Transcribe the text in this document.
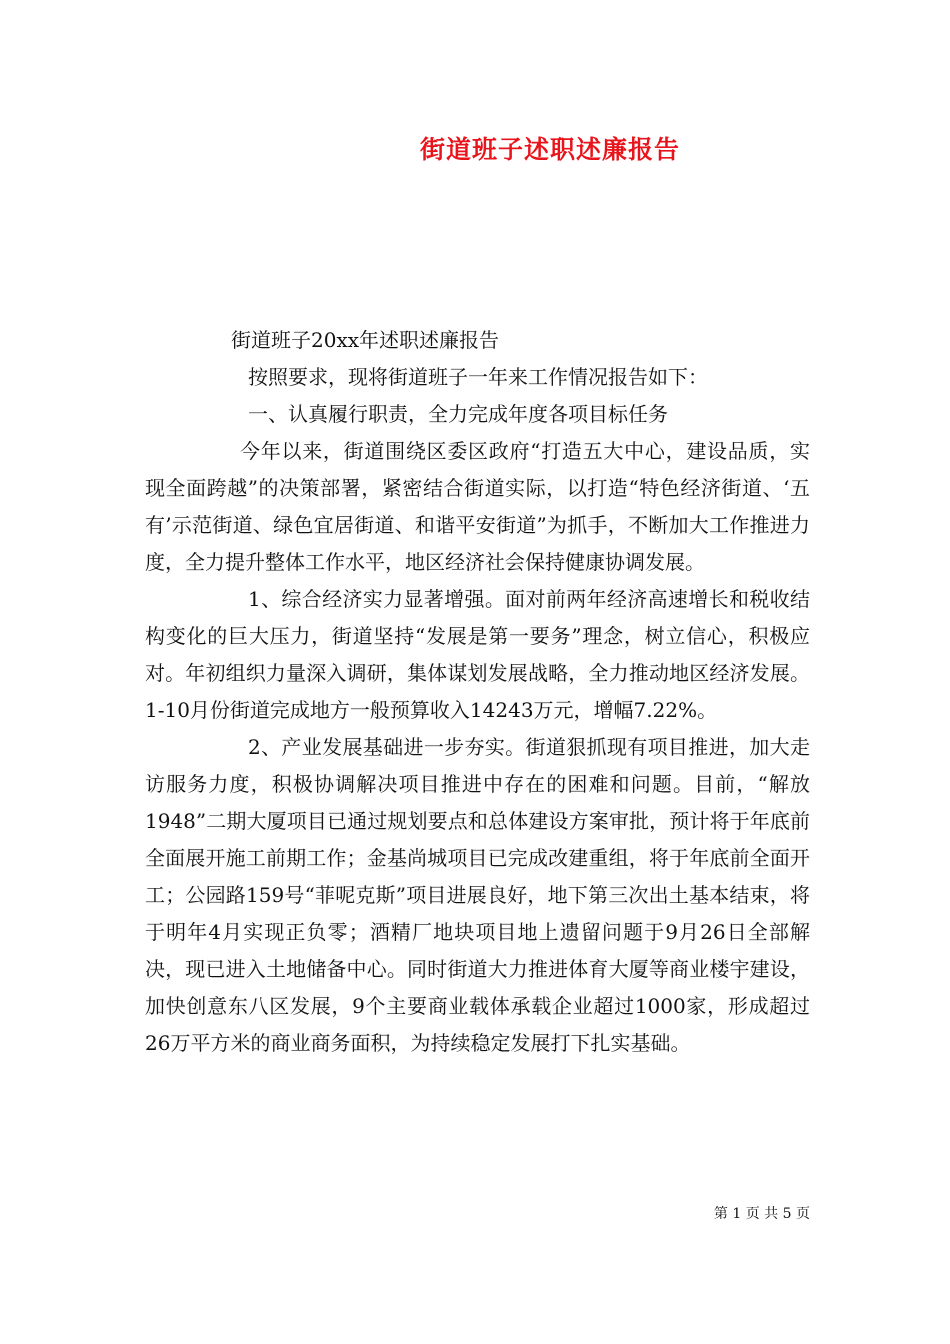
街道班子述职述廉报告
街道班子20xx年述职述廉报告
按照要求，现将街道班子一年来工作情况报告如下：
一、认真履行职责，全力完成年度各项目标任务

今年以来，街道围绕区委区政府“打造五大中心，建设品质，实现全面跨越”的决策部署，紧密结合街道实际，以打造“特色经济街道、‘五有’示范街道、绿色宜居街道、和谐平安街道”为抓手，不断加大工作推进力度，全力提升整体工作水平，地区经济社会保持健康协调发展。

1、综合经济实力显著增强。面对前两年经济高速增长和税收结构变化的巨大压力，街道坚持“发展是第一要务”理念，树立信心，积极应对。年初组织力量深入调研，集体谋划发展战略，全力推动地区经济发展。1-10月份街道完成地方一般预算收入14243万元，增幅7.22%。

2、产业发展基础进一步夯实。街道狠抓现有项目推进，加大走访服务力度，积极协调解决项目推进中存在的困难和问题。目前，“解放1948”二期大厦项目已通过规划要点和总体建设方案审批，预计将于年底前全面展开施工前期工作；金基尚城项目已完成改建重组，将于年底前全面开工；公园路159号“菲呢克斯”项目进展良好，地下第三次出土基本结束，将于明年4月实现正负零；酒精厂地块项目地上遗留问题于9月26日全部解决，现已进入土地储备中心。同时街道大力推进体育大厦等商业楼宇建设，加快创意东八区发展，9个主要商业载体承载企业超过1000家，形成超过26万平方米的商业商务面积，为持续稳定发展打下扎实基础。

第 1 页 共 5 页
